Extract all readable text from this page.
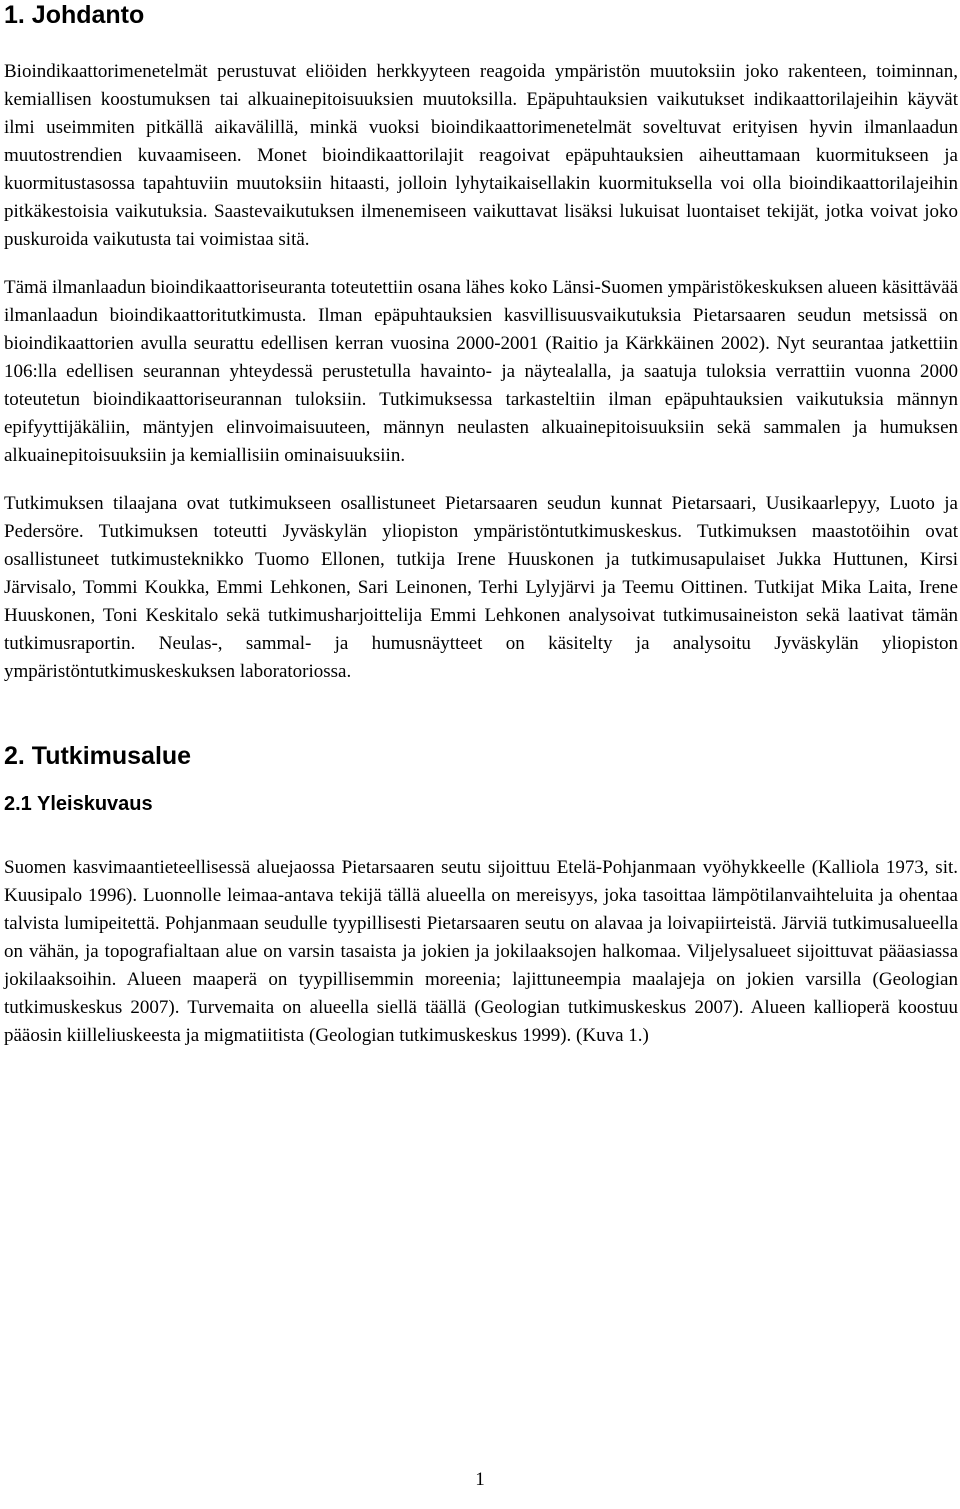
1. Johdanto

Bioindikaattorimenetelmät perustuvat eliöiden herkkyyteen reagoida ympäristön muutoksiin joko rakenteen, toiminnan, kemiallisen koostumuksen tai alkuainepitoisuuksien muutoksilla. Epäpuhtauksien vaikutukset indikaattorilajeihin käyvät ilmi useimmiten pitkällä aikavälillä, minkä vuoksi bioindikaattorimenetelmät soveltuvat erityisen hyvin ilmanlaadun muutostrendien kuvaamiseen. Monet bioindikaattorilajit reagoivat epäpuhtauksien aiheuttamaan kuormitukseen ja kuormitustasossa tapahtuviin muutoksiin hitaasti, jolloin lyhytaikaisellakin kuormituksella voi olla bioindikaattorilajeihin pitkäkestoisia vaikutuksia. Saastevaikutuksen ilmenemiseen vaikuttavat lisäksi lukuisat luontaiset tekijät, jotka voivat joko puskuroida vaikutusta tai voimistaa sitä.

Tämä ilmanlaadun bioindikaattoriseuranta toteutettiin osana lähes koko Länsi-Suomen ympäristökeskuksen alueen käsittävää ilmanlaadun bioindikaattoritutkimusta. Ilman epäpuhtauksien kasvillisuusvaikutuksia Pietarsaaren seudun metsissä on bioindikaattorien avulla seurattu edellisen kerran vuosina 2000-2001 (Raitio ja Kärkkäinen 2002). Nyt seurantaa jatkettiin 106:lla edellisen seurannan yhteydessä perustetulla havainto- ja näytealalla, ja saatuja tuloksia verrattiin vuonna 2000 toteutetun bioindikaattoriseurannan tuloksiin. Tutkimuksessa tarkasteltiin ilman epäpuhtauksien vaikutuksia männyn epifyyttijäkäliin, mäntyjen elinvoimaisuuteen, männyn neulasten alkuainepitoisuuksiin sekä sammalen ja humuksen alkuainepitoisuuksiin ja kemiallisiin ominaisuuksiin.

Tutkimuksen tilaajana ovat tutkimukseen osallistuneet Pietarsaaren seudun kunnat Pietarsaari, Uusikaarlepyy, Luoto ja Pedersöre. Tutkimuksen toteutti Jyväskylän yliopiston ympäristöntutkimuskeskus. Tutkimuksen maastotöihin ovat osallistuneet tutkimusteknikko Tuomo Ellonen, tutkija Irene Huuskonen ja tutkimusapulaiset Jukka Huttunen, Kirsi Järvisalo, Tommi Koukka, Emmi Lehkonen, Sari Leinonen, Terhi Lylyjärvi ja Teemu Oittinen. Tutkijat Mika Laita, Irene Huuskonen, Toni Keskitalo sekä tutkimusharjoittelija Emmi Lehkonen analysoivat tutkimusaineiston sekä laativat tämän tutkimusraportin. Neulas-, sammal- ja humusnäytteet on käsitelty ja analysoitu Jyväskylän yliopiston ympäristöntutkimuskeskuksen laboratoriossa.

2. Tutkimusalue
2.1 Yleiskuvaus

Suomen kasvimaantieteellisessä aluejaossa Pietarsaaren seutu sijoittuu Etelä-Pohjanmaan vyöhykkeelle (Kalliola 1973, sit. Kuusipalo 1996). Luonnolle leimaa-antava tekijä tällä alueella on mereisyys, joka tasoittaa lämpötilanvaihteluita ja ohentaa talvista lumipeitettä. Pohjanmaan seudulle tyypillisesti Pietarsaaren seutu on alavaa ja loivapiirteistä. Järviä tutkimusalueella on vähän, ja topografialtaan alue on varsin tasaista ja jokien ja jokilaaksojen halkomaa. Viljelysalueet sijoittuvat pääasiassa jokilaaksoihin. Alueen maaperä on tyypillisemmin moreenia; lajittuneempia maalajeja on jokien varsilla (Geologian tutkimuskeskus 2007). Turvemaita on alueella siellä täällä (Geologian tutkimuskeskus 2007). Alueen kallioperä koostuu pääosin kiilleliuskeesta ja migmatiitista (Geologian tutkimuskeskus 1999). (Kuva 1.)

1
